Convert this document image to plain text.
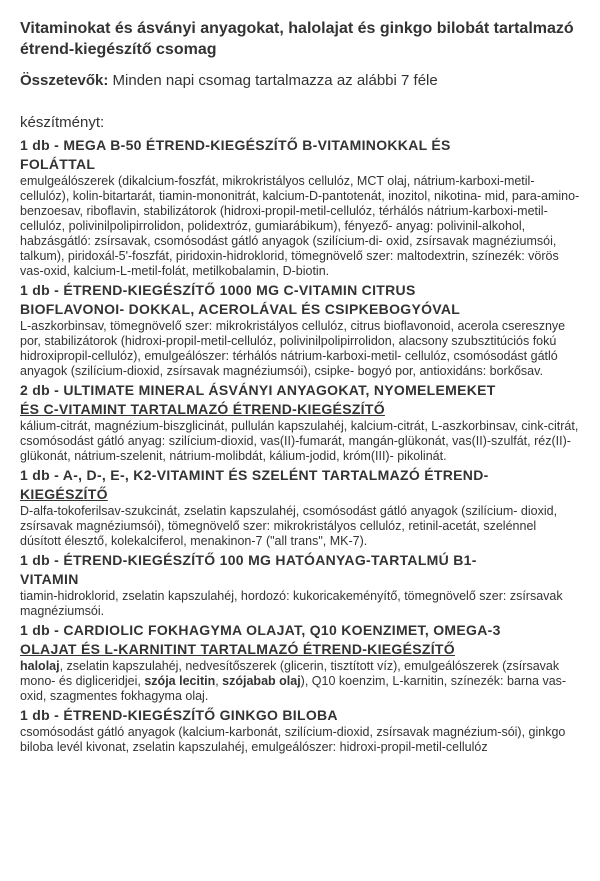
Vitaminokat és ásványi anyagokat, halolajat és ginkgo bilobát tartalmazó étrend-kiegészítő csomag

Összetevők: Minden napi csomag tartalmazza az alábbi 7 féle

készítményt:

1 db - MEGA B-50 ÉTREND-KIEGÉSZÍTŐ B-VITAMINOKKAL ÉS
FOLÁTTAL

emulgeálószerek (dikalcium-foszfát, mikrokristályos cellulóz, MCT olaj, nátrium-karboxi-metil-cellulóz), kolin-bitartarát, tiamin-mononitrát, kalcium-D-pantotenát, inozitol, nikotina- mid, para-amino-benzoesav, riboflavin, stabilizátorok (hidroxi-propil-metil-cellulóz, térhálós nátrium-karboxi-metil-cellulóz, polivinilpolipirrolidon, polidextróz, gumiarábikum), fényező- anyag: polivinil-alkohol, habzásgátló: zsírsavak, csomósodást gátló anyagok (szilícium-di- oxid, zsírsavak magnéziumsói, talkum), piridoxál-5'-foszfát, piridoxin-hidroklorid, tömegnövelő szer: maltodextrin, színezék: vörös vas-oxid, kalcium-L-metil-folát, metilkobalamin, D-biotin.

1 db - ÉTREND-KIEGÉSZÍTŐ 1000 MG C-VITAMIN CITRUS
BIOFLAVONOI- DOKKAL, ACEROLÁVAL ÉS CSIPKEBOGYÓVAL

L-aszkorbinsav, tömegnövelő szer: mikrokristályos cellulóz, citrus bioflavonoid, acerola cseresznye por, stabilizátorok (hidroxi-propil-metil-cellulóz, polivinilpolipirrolidon, alacsony szubsztitúciós fokú hidroxipropil-cellulóz), emulgeálószer: térhálós nátrium-karboxi-metil- cellulóz, csomósodást gátló anyagok (szilícium-dioxid, zsírsavak magnéziumsói), csipke- bogyó por, antioxidáns: borkősav.

2 db - ULTIMATE MINERAL ÁSVÁNYI ANYAGOKAT, NYOMELEMEKET
ÉS C-VITAMINT TARTALMAZÓ ÉTREND-KIEGÉSZÍTŐ

kálium-citrát, magnézium-biszglicinát, pullulán kapszulahéj, kalcium-citrát, L-aszkorbinsav, cink-citrát, csomósodást gátló anyag: szilícium-dioxid, vas(II)-fumarát, mangán-glükonát, vas(II)-szulfát, réz(II)-glükonát, nátrium-szelenit, nátrium-molibdát, kálium-jodid, króm(III)- pikolinát.

1 db - A-, D-, E-, K2-VITAMINT ÉS SZELÉNT TARTALMAZÓ ÉTREND-
KIEGÉSZÍTŐ

D-alfa-tokoferilsav-szukcinát, zselatin kapszulahéj, csomósodást gátló anyagok (szilícium- dioxid, zsírsavak magnéziumsói), tömegnövelő szer: mikrokristályos cellulóz, retinil-acetát, szelénnel dúsított élesztő, kolekalciferol, menakinon-7 ("all trans", MK-7).

1 db - ÉTREND-KIEGÉSZÍTŐ 100 MG HATÓANYAG-TARTALMÚ B1-
VITAMIN

tiamin-hidroklorid, zselatin kapszulahéj, hordozó: kukoricakeményítő, tömegnövelő szer: zsírsavak magnéziumsói.

1 db - CARDIOLIC FOKHAGYMA OLAJAT, Q10 KOENZIMET, OMEGA-3
OLAJAT ÉS L-KARNITINT TARTALMAZÓ ÉTREND-KIEGÉSZÍTŐ

halolaj, zselatin kapszulahéj, nedvesítőszerek (glicerin, tisztított víz), emulgeálószerek (zsírsavak mono- és digliceridjei, szója lecitin, szójabab olaj), Q10 koenzim, L-karnitin, színezék: barna vas-oxid, szagmentes fokhagyma olaj.

1 db - ÉTREND-KIEGÉSZÍTŐ GINKGO BILOBA

csomósodást gátló anyagok (kalcium-karbonát, szilícium-dioxid, zsírsavak magnézium-sói), ginkgo biloba levél kivonat, zselatin kapszulahéj, emulgeálószer: hidroxi-propil-metil-cellulóz
